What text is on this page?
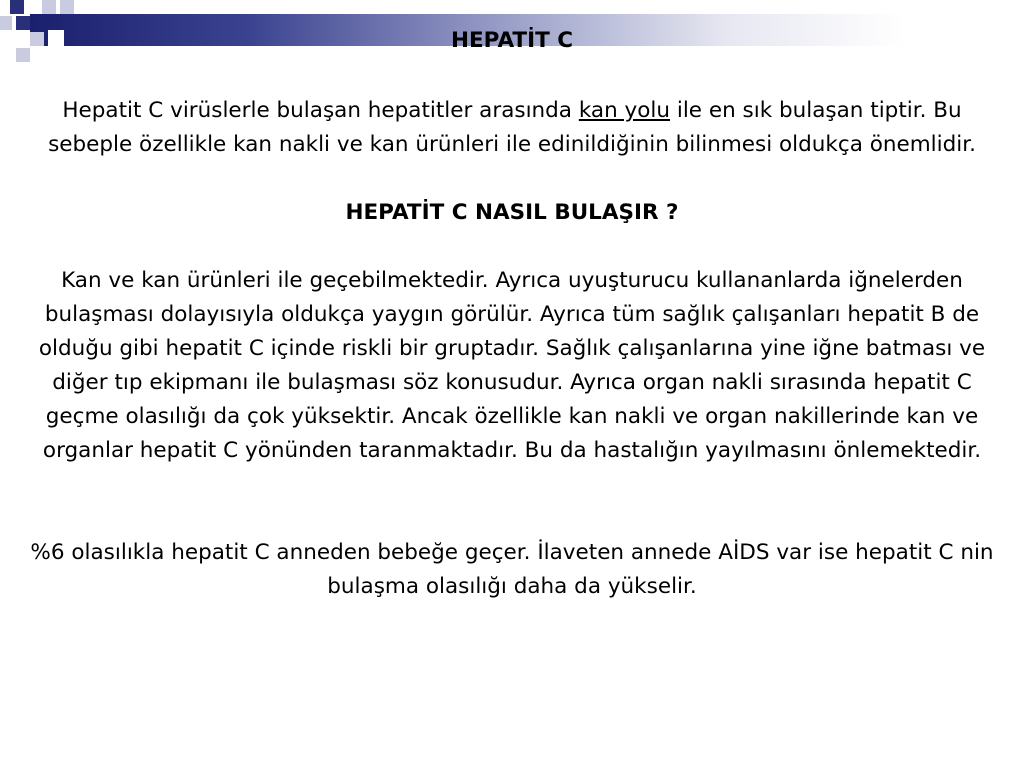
HEPATİT C

Hepatit C virüslerle bulaşan hepatitler arasında kan yolu ile en sık bulaşan tiptir. Bu sebeple özellikle kan nakli ve kan ürünleri ile edinildiğinin bilinmesi oldukça önemlidir.

HEPATİT C NASIL BULAŞIR ?

Kan ve kan ürünleri ile geçebilmektedir. Ayrıca uyuşturucu kullananlarda iğnelerden bulaşması dolayısıyla oldukça yaygın görülür. Ayrıca tüm sağlık çalışanları hepatit B de olduğu gibi hepatit C içinde riskli bir gruptadır. Sağlık çalışanlarına yine iğne batması ve diğer tıp ekipmanı ile bulaşması söz konusudur. Ayrıca organ nakli sırasında hepatit C geçme olasılığı da çok yüksektir. Ancak özellikle kan nakli ve organ nakillerinde kan ve organlar hepatit C yönünden taranmaktadır. Bu da hastalığın yayılmasını önlemektedir.

%6 olasılıkla hepatit C anneden bebeğe geçer. İlaveten annede AİDS var ise hepatit C nin bulaşma olasılığı daha da yükselir.
